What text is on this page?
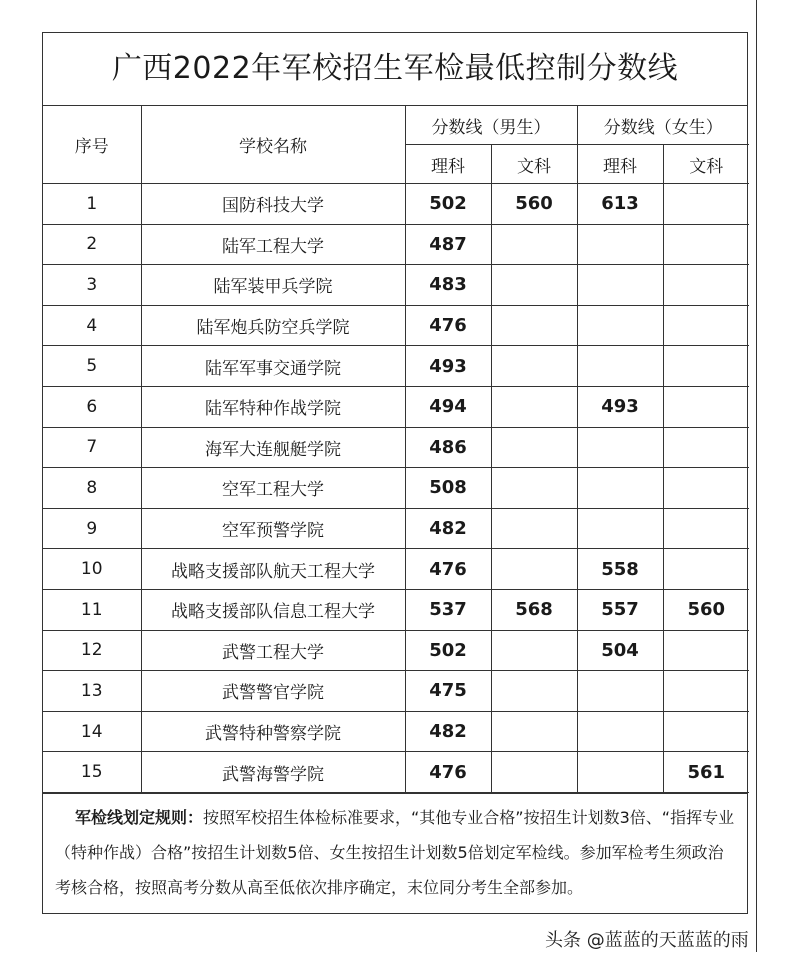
广西2022年军校招生军检最低控制分数线
序号	学校名称	分数线（男生）		分数线（女生）	
		理科	文科	理科	文科
1	国防科技大学	502	560	613	
2	陆军工程大学	487			
3	陆军装甲兵学院	483			
4	陆军炮兵防空兵学院	476			
5	陆军军事交通学院	493			
6	陆军特种作战学院	494		493	
7	海军大连舰艇学院	486			
8	空军工程大学	508			
9	空军预警学院	482			
10	战略支援部队航天工程大学	476		558	
11	战略支援部队信息工程大学	537	568	557	560
12	武警工程大学	502		504	
13	武警警官学院	475			
14	武警特种警察学院	482			
15	武警海警学院	476			561
军检线划定规则：按照军校招生体检标准要求，“其他专业合格”按招生计划数3倍、“指挥专业（特种作战）合格”按招生计划数5倍、女生按招生计划数5倍划定军检线。参加军检考生须政治考核合格，按照高考分数从高至低依次排序确定，末位同分考生全部参加。
头条 @蓝蓝的天蓝蓝的雨
